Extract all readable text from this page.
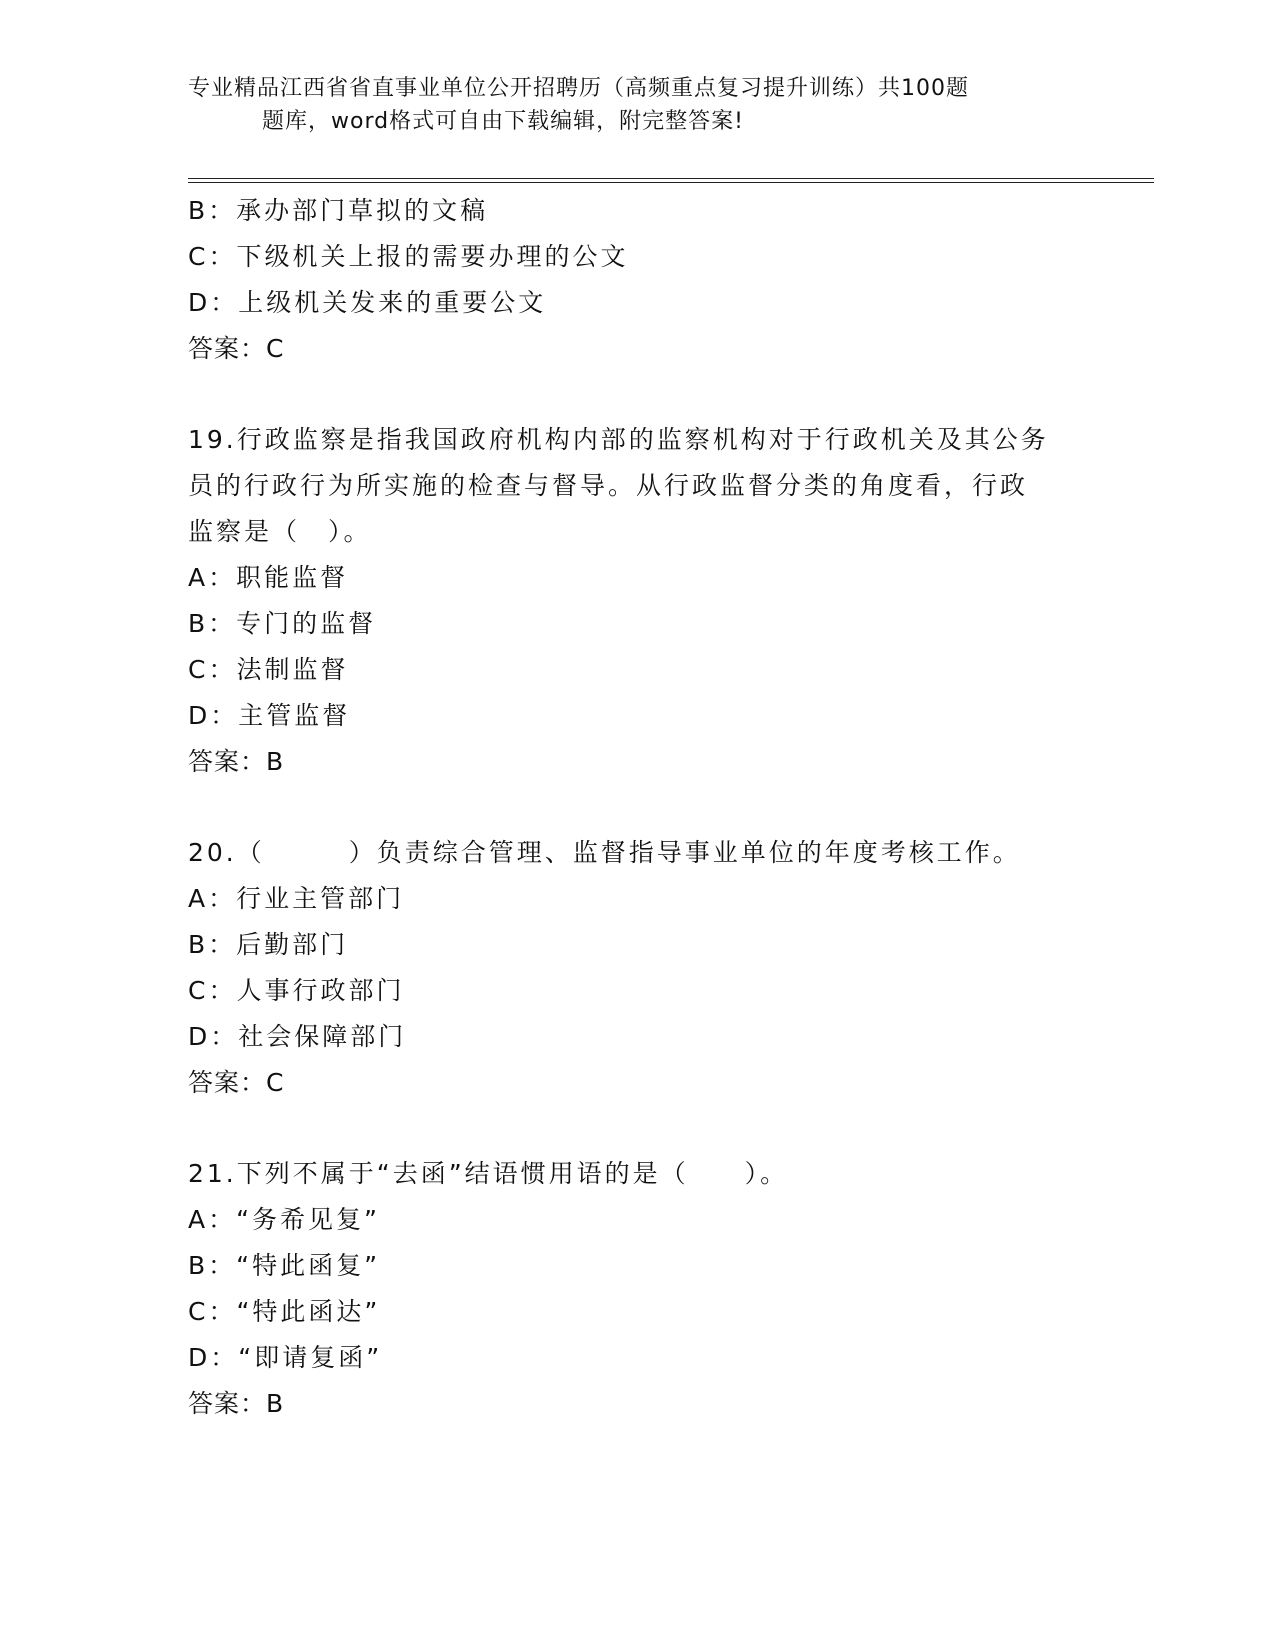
专业精品江西省省直事业单位公开招聘历（高频重点复习提升训练）共100题
题库，word格式可自由下载编辑，附完整答案!
B：承办部门草拟的文稿
C：下级机关上报的需要办理的公文
D：上级机关发来的重要公文
答案：C
19.行政监察是指我国政府机构内部的监察机构对于行政机关及其公务
员的行政行为所实施的检查与督导。从行政监督分类的角度看，行政
监察是（　）。
A：职能监督
B：专门的监督
C：法制监督
D：主管监督
答案：B
20.（　　　）负责综合管理、监督指导事业单位的年度考核工作。
A：行业主管部门
B：后勤部门
C：人事行政部门
D：社会保障部门
答案：C
21.下列不属于“去函”结语惯用语的是（　　）。
A：“务希见复”
B：“特此函复”
C：“特此函达”
D：“即请复函”
答案：B
